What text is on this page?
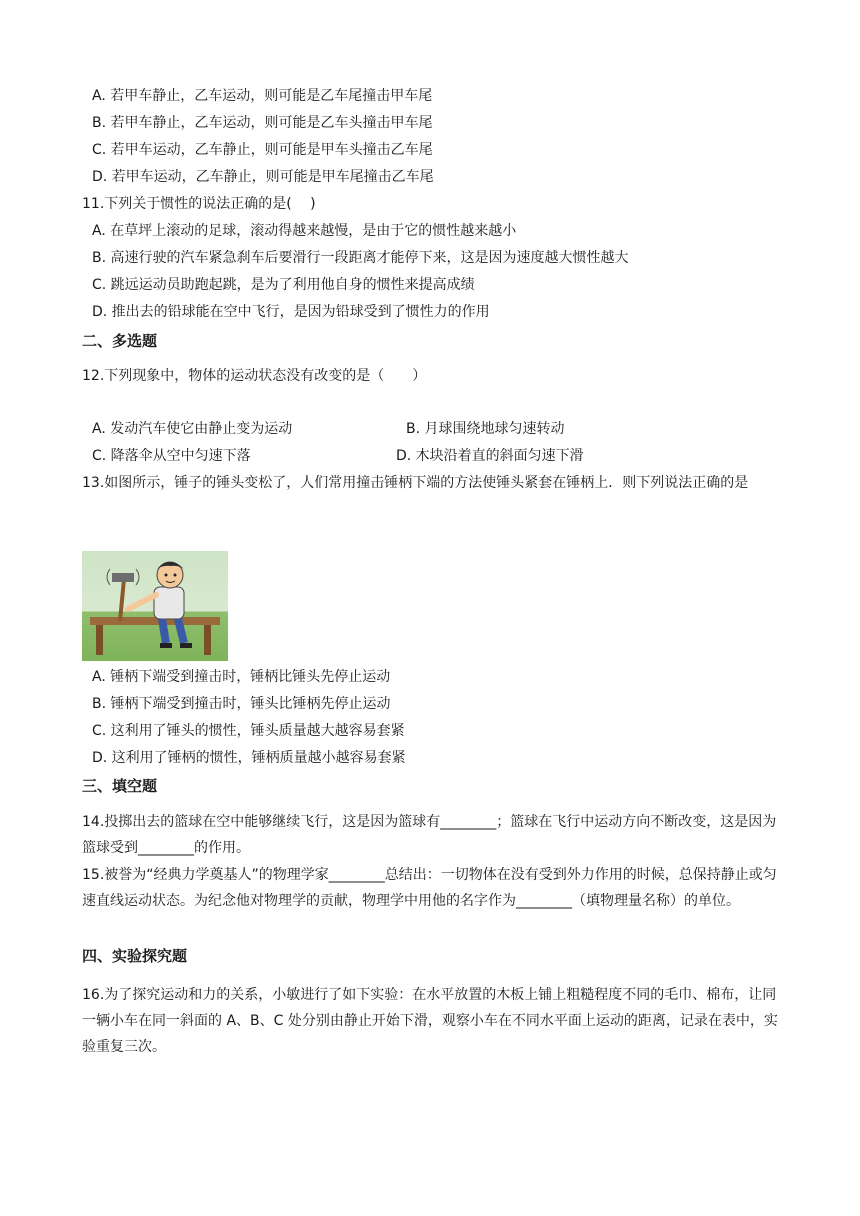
A. 若甲车静止，乙车运动，则可能是乙车尾撞击甲车尾
B. 若甲车静止，乙车运动，则可能是乙车头撞击甲车尾
C. 若甲车运动，乙车静止，则可能是甲车头撞击乙车尾
D. 若甲车运动，乙车静止，则可能是甲车尾撞击乙车尾
11.下列关于惯性的说法正确的是(　 )
A. 在草坪上滚动的足球，滚动得越来越慢，是由于它的惯性越来越小
B. 高速行驶的汽车紧急刹车后要滑行一段距离才能停下来，这是因为速度越大惯性越大
C. 跳远运动员助跑起跳，是为了利用他自身的惯性来提高成绩
D. 推出去的铅球能在空中飞行，是因为铅球受到了惯性力的作用
二、多选题
12.下列现象中，物体的运动状态没有改变的是（　　）
A. 发动汽车使它由静止变为运动	B. 月球围绕地球匀速转动
C. 降落伞从空中匀速下落	D. 木块沿着直的斜面匀速下滑
13.如图所示，锤子的锤头变松了，人们常用撞击锤柄下端的方法使锤头紧套在锤柄上．则下列说法正确的是
A. 锤柄下端受到撞击时，锤柄比锤头先停止运动
B. 锤柄下端受到撞击时，锤头比锤柄先停止运动
C. 这利用了锤头的惯性，锤头质量越大越容易套紧
D. 这利用了锤柄的惯性，锤柄质量越小越容易套紧
三、填空题
14.投掷出去的篮球在空中能够继续飞行，这是因为篮球有________；篮球在飞行中运动方向不断改变，这是因为篮球受到________的作用。
15.被誉为“经典力学奠基人”的物理学家________总结出：一切物体在没有受到外力作用的时候，总保持静止或匀速直线运动状态。为纪念他对物理学的贡献，物理学中用他的名字作为________（填物理量名称）的单位。
四、实验探究题
16.为了探究运动和力的关系，小敏进行了如下实验：在水平放置的木板上铺上粗糙程度不同的毛巾、棉布，让同一辆小车在同一斜面的 A、B、C 处分别由静止开始下滑，观察小车在不同水平面上运动的距离，记录在表中，实验重复三次。
